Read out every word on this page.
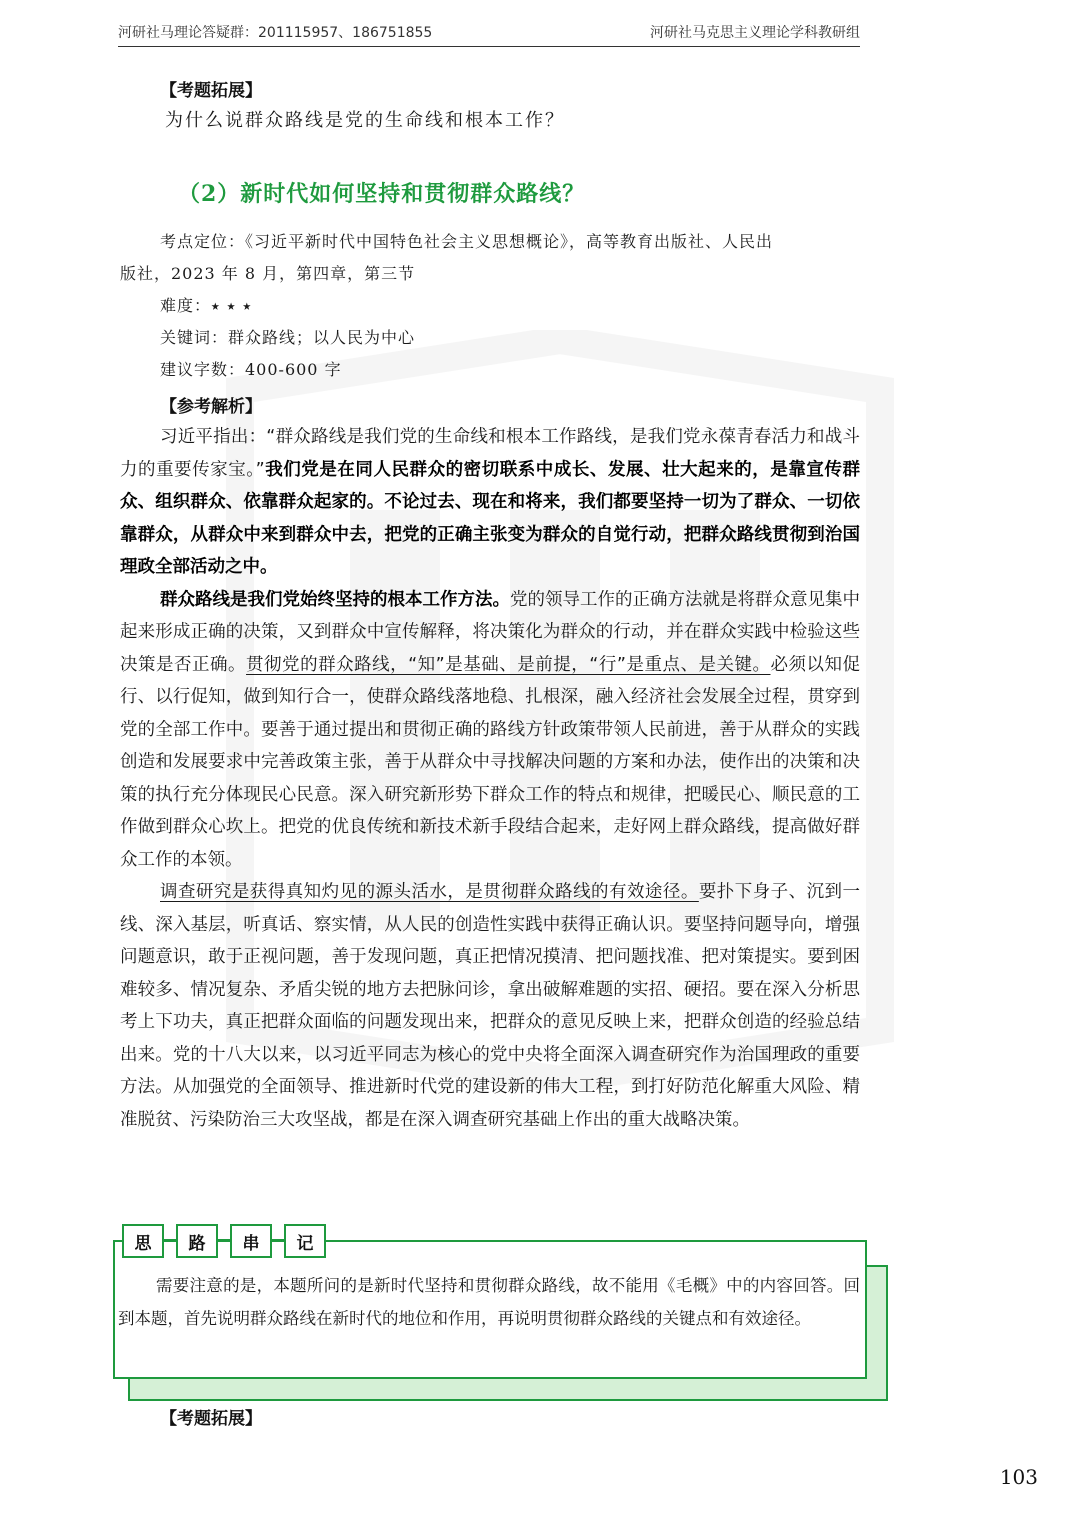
河研社马理论答疑群：201115957、186751855	河研社马克思主义理论学科教研组
【考题拓展】
为什么说群众路线是党的生命线和根本工作？
（2）新时代如何坚持和贯彻群众路线？

考点定位：《习近平新时代中国特色社会主义思想概论》，高等教育出版社、人民出

版社，2023 年 8 月，第四章，第三节

难度：⭑ ⭑ ⭑

关键词：群众路线；以人民为中心

建议字数：400-600 字

【参考解析】

习近平指出：“群众路线是我们党的生命线和根本工作路线，是我们党永葆青春活力和战斗力的重要传家宝。”我们党是在同人民群众的密切联系中成长、发展、壮大起来的，是靠宣传群众、组织群众、依靠群众起家的。不论过去、现在和将来，我们都要坚持一切为了群众、一切依靠群众，从群众中来到群众中去，把党的正确主张变为群众的自觉行动，把群众路线贯彻到治国理政全部活动之中。

群众路线是我们党始终坚持的根本工作方法。党的领导工作的正确方法就是将群众意见集中起来形成正确的决策，又到群众中宣传解释，将决策化为群众的行动，并在群众实践中检验这些决策是否正确。贯彻党的群众路线，“知”是基础、是前提，“行”是重点、是关键。必须以知促行、以行促知，做到知行合一，使群众路线落地稳、扎根深，融入经济社会发展全过程，贯穿到党的全部工作中。要善于通过提出和贯彻正确的路线方针政策带领人民前进，善于从群众的实践创造和发展要求中完善政策主张，善于从群众中寻找解决问题的方案和办法，使作出的决策和决策的执行充分体现民心民意。深入研究新形势下群众工作的特点和规律，把暖民心、顺民意的工作做到群众心坎上。把党的优良传统和新技术新手段结合起来，走好网上群众路线，提高做好群众工作的本领。

调查研究是获得真知灼见的源头活水，是贯彻群众路线的有效途径。要扑下身子、沉到一线、深入基层，听真话、察实情，从人民的创造性实践中获得正确认识。要坚持问题导向，增强问题意识，敢于正视问题，善于发现问题，真正把情况摸清、把问题找准、把对策提实。要到困难较多、情况复杂、矛盾尖锐的地方去把脉问诊，拿出破解难题的实招、硬招。要在深入分析思考上下功夫，真正把群众面临的问题发现出来，把群众的意见反映上来，把群众创造的经验总结出来。党的十八大以来，以习近平同志为核心的党中央将全面深入调查研究作为治国理政的重要方法。从加强党的全面领导、推进新时代党的建设新的伟大工程，到打好防范化解重大风险、精准脱贫、污染防治三大攻坚战，都是在深入调查研究基础上作出的重大战略决策。

思	路	串	记

需要注意的是，本题所问的是新时代坚持和贯彻群众路线，故不能用《毛概》中的内容回答。回到本题，首先说明群众路线在新时代的地位和作用，再说明贯彻群众路线的关键点和有效途径。

【考题拓展】
103
